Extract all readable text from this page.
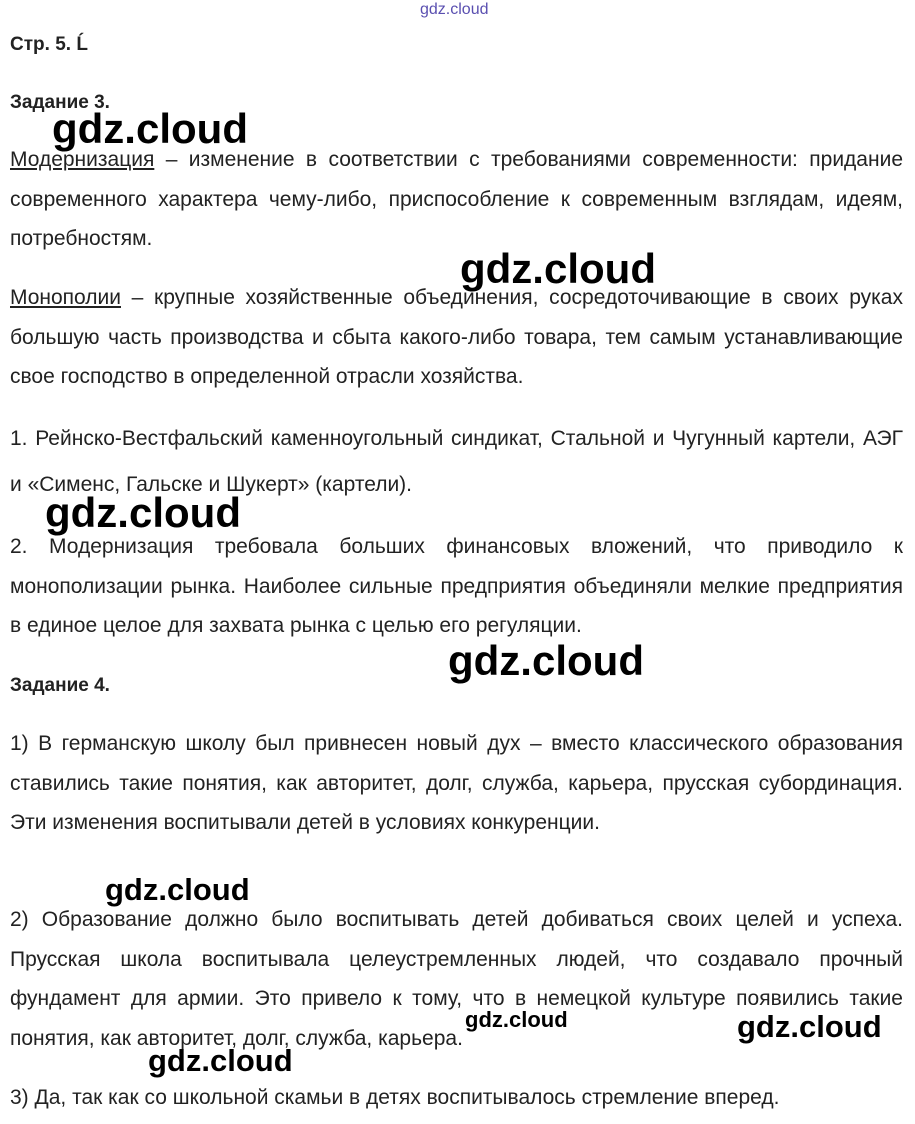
gdz.cloud
Стр. 5. Ĺ
Задание 3.
Модернизация – изменение в соответствии с требованиями современности: придание современного характера чему-либо, приспособление к современным взглядам, идеям, потребностям.
Монополии – крупные хозяйственные объединения, сосредоточивающие в своих руках большую часть производства и сбыта какого-либо товара, тем самым устанавливающие свое господство в определенной отрасли хозяйства.
1. Рейнско-Вестфальский каменноугольный синдикат, Стальной и Чугунный картели, АЭГ и «Сименс, Гальске и Шукерт» (картели).
2. Модернизация требовала больших финансовых вложений, что приводило к монополизации рынка. Наиболее сильные предприятия объединяли мелкие предприятия в единое целое для захвата рынка с целью его регуляции.
Задание 4.
1) В германскую школу был привнесен новый дух – вместо классического образования ставились такие понятия, как авторитет, долг, служба, карьера, прусская субординация. Эти изменения воспитывали детей в условиях конкуренции.
2) Образование должно было воспитывать детей добиваться своих целей и успеха. Прусская школа воспитывала целеустремленных людей, что создавало прочный фундамент для армии. Это привело к тому, что в немецкой культуре появились такие понятия, как авторитет, долг, служба, карьера.
3) Да, так как со школьной скамьи в детях воспитывалось стремление вперед.
gdz.cloud
gdz.cloud
gdz.cloud
gdz.cloud
gdz.cloud
gdz.cloud	gdz.cloud
gdz.cloud
